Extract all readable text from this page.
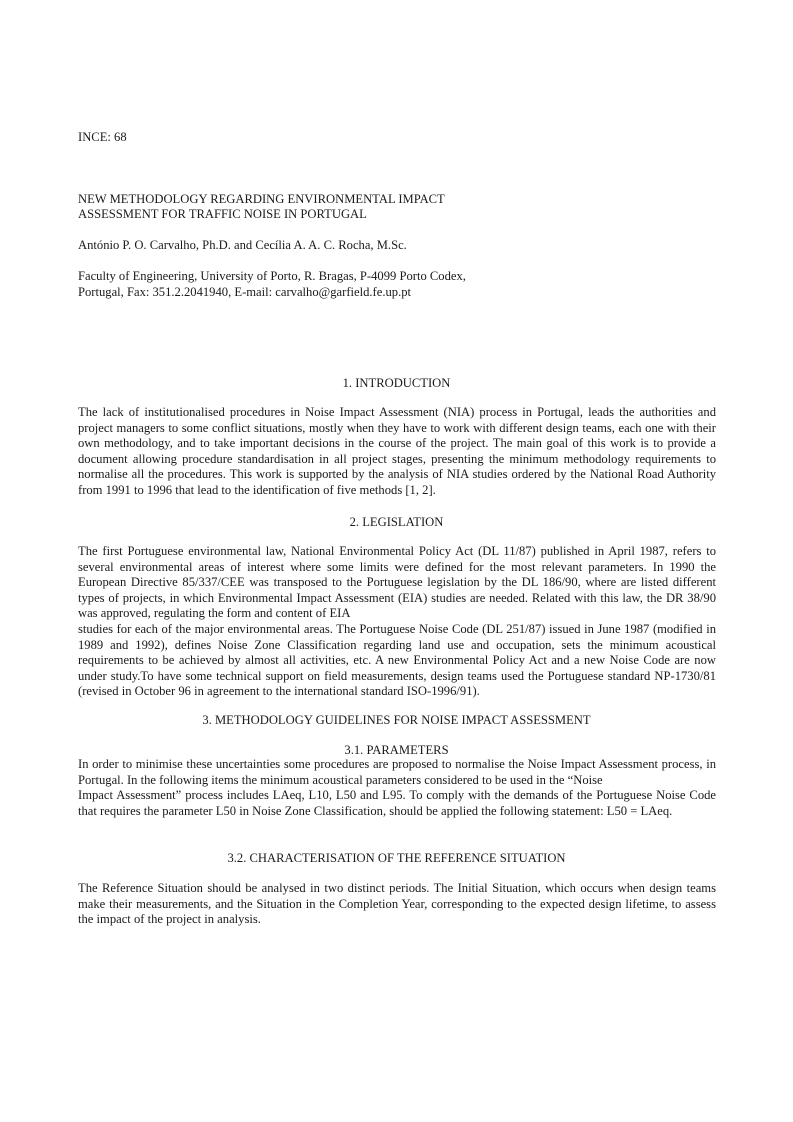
INCE: 68
NEW METHODOLOGY REGARDING ENVIRONMENTAL IMPACT
ASSESSMENT FOR TRAFFIC NOISE IN PORTUGAL
António P. O. Carvalho, Ph.D. and Cecília A. A. C. Rocha, M.Sc.
Faculty of Engineering, University of Porto, R. Bragas, P-4099 Porto Codex,
Portugal, Fax: 351.2.2041940, E-mail: carvalho@garfield.fe.up.pt
1. INTRODUCTION

The lack of institutionalised procedures in Noise Impact Assessment (NIA) process in Portugal, leads the authorities and project managers to some conflict situations, mostly when they have to work with different design teams, each one with their own methodology, and to take important decisions in the course of the project. The main goal of this work is to provide a document allowing procedure standardisation in all project stages, presenting the minimum methodology requirements to normalise all the procedures. This work is supported by the analysis of NIA studies ordered by the National Road Authority from 1991 to 1996 that lead to the identification of five methods [1, 2].

2. LEGISLATION

The first Portuguese environmental law, National Environmental Policy Act (DL 11/87) published in April 1987, refers to several environmental areas of interest where some limits were defined for the most relevant parameters. In 1990 the European Directive 85/337/CEE was transposed to the Portuguese legislation by the DL 186/90, where are listed different types of projects, in which Environmental Impact Assessment (EIA) studies are needed. Related with this law, the DR 38/90 was approved, regulating the form and content of EIA

studies for each of the major environmental areas. The Portuguese Noise Code (DL 251/87) issued in June 1987 (modified in 1989 and 1992), defines Noise Zone Classification regarding land use and occupation, sets the minimum acoustical requirements to be achieved by almost all activities, etc. A new Environmental Policy Act and a new Noise Code are now under study.To have some technical support on field measurements, design teams used the Portuguese standard NP-1730/81 (revised in October 96 in agreement to the international standard ISO-1996/91).

3. METHODOLOGY GUIDELINES FOR NOISE IMPACT ASSESSMENT
3.1. PARAMETERS

In order to minimise these uncertainties some procedures are proposed to normalise the Noise Impact Assessment process, in Portugal. In the following items the minimum acoustical parameters considered to be used in the “Noise

Impact Assessment” process includes LAeq, L10, L50 and L95. To comply with the demands of the Portuguese Noise Code that requires the parameter L50 in Noise Zone Classification, should be applied the following statement: L50 = LAeq.

3.2. CHARACTERISATION OF THE REFERENCE SITUATION

The Reference Situation should be analysed in two distinct periods. The Initial Situation, which occurs when design teams make their measurements, and the Situation in the Completion Year, corresponding to the expected design lifetime, to assess the impact of the project in analysis.
